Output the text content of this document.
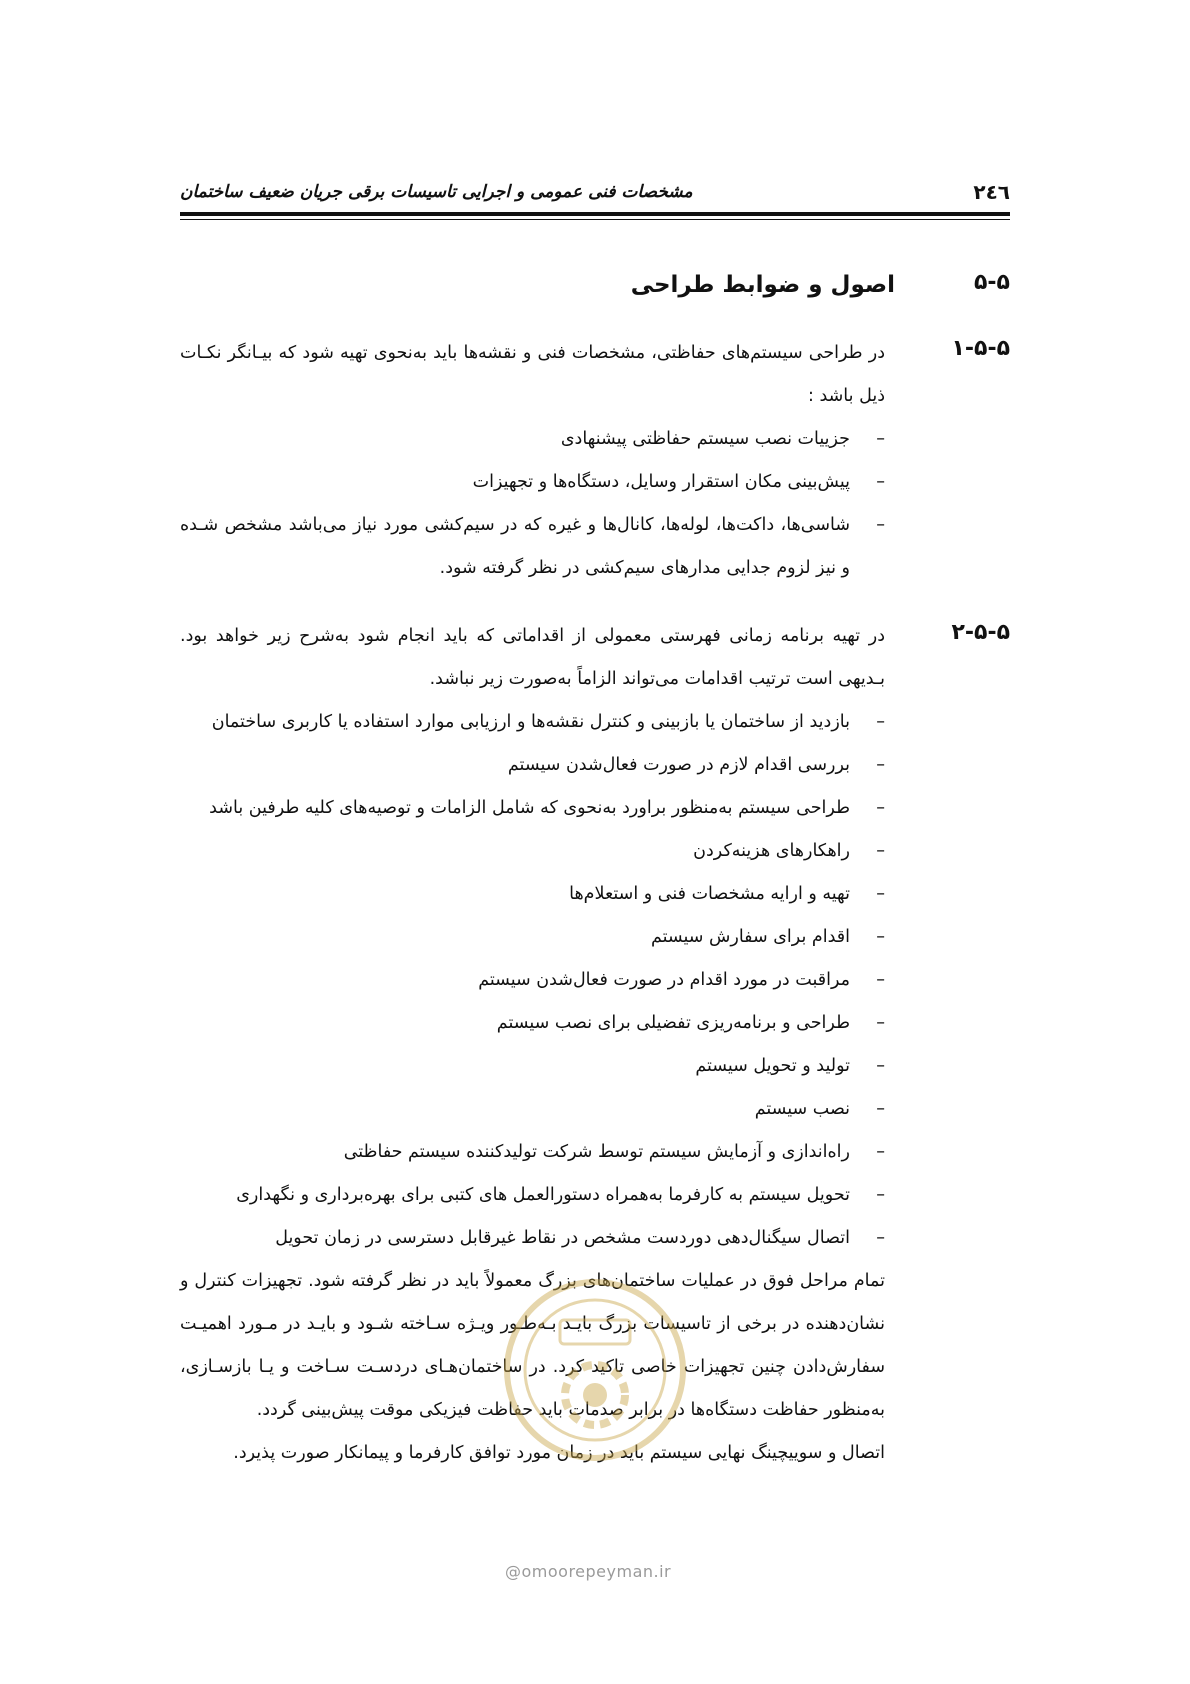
مشخصات فنی عمومی و اجرایی تاسیسات برقی جریان ضعیف ساختمان	۲٤٦
۵-۵
اصول و ضوابط طراحی
۱-۵-۵
در طراحی سیستم‌های حفاظتی، مشخصات فنی و نقشه‌ها باید به‌نحوی تهیه شود که بیـانگر نکـات ذیل باشد :
–
جزییات نصب سیستم حفاظتی پیشنهادی
–
پیش‌بینی مکان استقرار وسایل، دستگاه‌ها و تجهیزات
–
شاسی‌ها، داکت‌ها، لوله‌ها، کانال‌ها و غیره که در سیم‌کشی مورد نیاز می‌باشد مشخص شـده و نیز لزوم جدایی مدارهای سیم‌کشی در نظر گرفته شود.
۲-۵-۵
در تهیه برنامه زمانی فهرستی معمولی از اقداماتی که باید انجام شود به‌شرح زیر خواهد بود. بـدیهی است ترتیب اقدامات می‌تواند الزاماً به‌صورت زیر نباشد.
–
بازدید از ساختمان یا بازبینی و کنترل نقشه‌ها و ارزیابی موارد استفاده یا کاربری ساختمان
–
بررسی اقدام لازم در صورت فعال‌شدن سیستم
–
طراحی سیستم به‌منظور براورد به‌نحوی که شامل الزامات و توصیه‌های کلیه طرفین باشد
–
راهکارهای هزینه‌کردن
–
تهیه و ارایه مشخصات فنی و استعلام‌ها
–
اقدام برای سفارش سیستم
–
مراقبت در مورد اقدام در صورت فعال‌شدن سیستم
–
طراحی و برنامه‌ریزی تفضیلی برای نصب سیستم
–
تولید و تحویل سیستم
–
نصب سیستم
–
راه‌اندازی و آزمایش سیستم توسط شرکت تولیدکننده سیستم حفاظتی
–
تحویل سیستم به کارفرما به‌همراه دستورالعمل های کتبی برای بهره‌برداری و نگهداری
–
اتصال سیگنال‌دهی دوردست مشخص در نقاط غیرقابل دسترسی در زمان تحویل
تمام مراحل فوق در عملیات ساختمان‌های بزرگ معمولاً باید در نظر گرفته شود. تجهیزات کنترل و نشان‌دهنده در برخی از تاسیسات بزرگ بایـد بـه‌طـور ویـژه سـاخته شـود و بایـد در مـورد اهمیـت سفارش‌دادن چنین تجهیزات خاصی تاکید کرد. در ساختمان‌هـای دردسـت سـاخت و یـا بازسـازی، به‌منظور حفاظت دستگاه‌ها در برابر صدمات باید حفاظت فیزیکی موقت پیش‌بینی گردد.
اتصال و سوییچینگ نهایی سیستم باید در زمان مورد توافق کارفرما و پیمانکار صورت پذیرد.
@omoorepeyman.ir
